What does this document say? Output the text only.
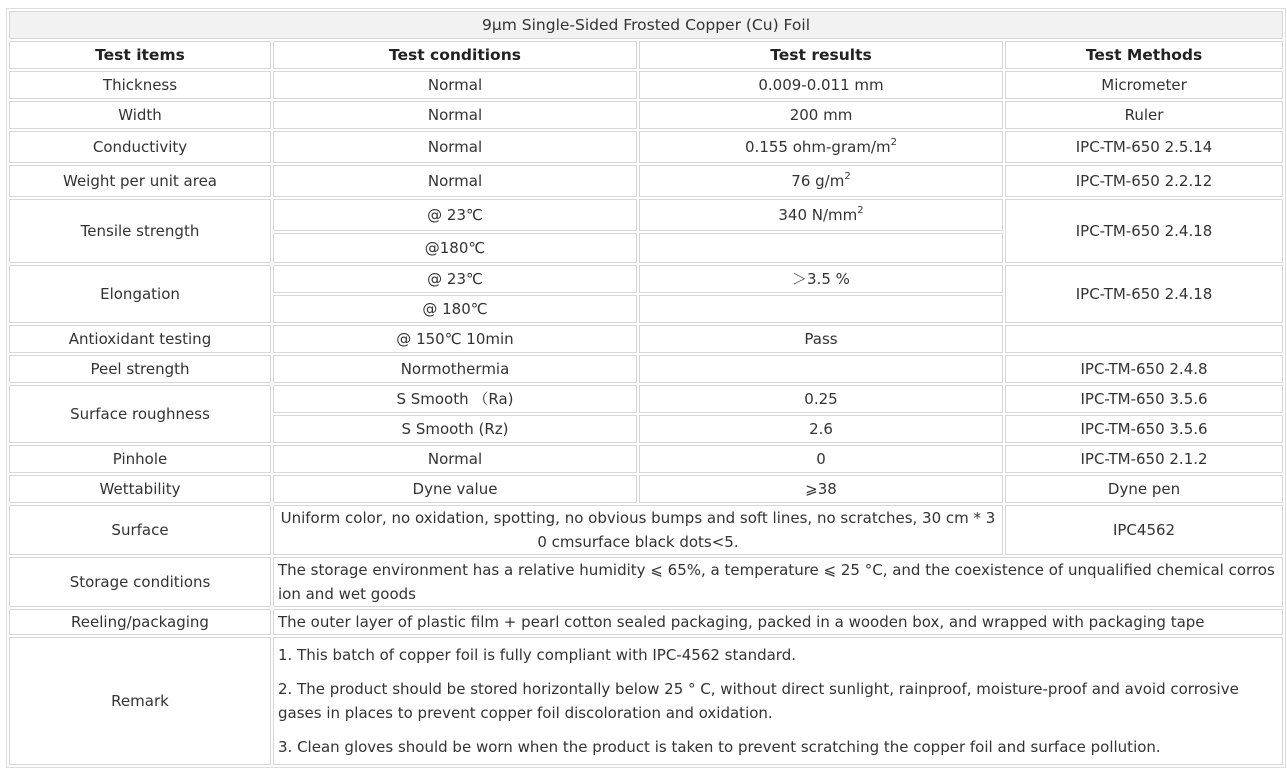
9μm Single-Sided Frosted Copper (Cu) Foil			
Test items	Test conditions	Test results	Test Methods
Thickness	Normal	0.009-0.011 mm	Micrometer
Width	Normal	200 mm	Ruler
Conductivity	Normal	0.155 ohm-$gram/m^2$	IPC-TM-650 2.5.14
Weight per unit area	Normal	76 $g/m^2$	IPC-TM-650 2.2.12
Tensile strength	@ 23℃	340 $N/mm^2$	IPC-TM-650 2.4.18
	@180℃		
Elongation	@ 23℃	＞3.5 %	IPC-TM-650 2.4.18
	@ 180℃		
Antioxidant testing	@ 150℃ 10min	Pass	
Peel strength	Normothermia		IPC-TM-650 2.4.8
Surface roughness	S Smooth （Ra)	0.25	IPC-TM-650 3.5.6
	S Smooth (Rz)	2.6	IPC-TM-650 3.5.6
Pinhole	Normal	0	IPC-TM-650 2.1.2
Wettability	Dyne value	⩾38	Dyne pen
Surface	Uniform color, no oxidation, spotting, no obvious bumps and soft lines, no scratches, 30 cm * 30 cmsurface black dots<5.		IPC4562
Storage conditions	The storage environment has a relative humidity ⩽ 65%, a temperature ⩽ 25 °C, and the coexistence of unqualified chemical corrosion and wet goods		
Reeling/packaging	The outer layer of plastic film + pearl cotton sealed packaging, packed in a wooden box, and wrapped with packaging tape		
Remark	1. This batch of copper foil is fully compliant with IPC-4562 standard.

2. The product should be stored horizontally below 25 ° C, without direct sunlight, rainproof, moisture-proof and avoid corrosive gases in places to prevent copper foil discoloration and oxidation.

3. Clean gloves should be worn when the product is taken to prevent scratching the copper foil and surface pollution.		
